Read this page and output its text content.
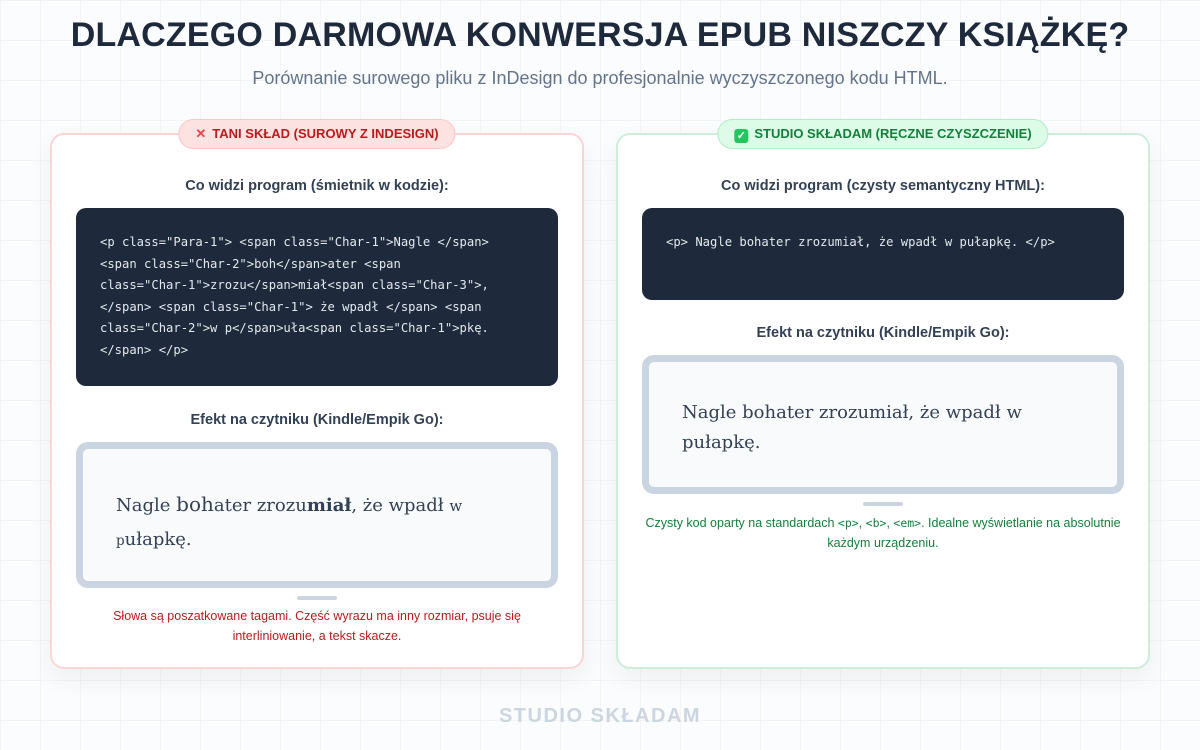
DLACZEGO DARMOWA KONWERSJA EPUB NISZCZY KSIĄŻKĘ?

Porównanie surowego pliku z InDesign do profesjonalnie wyczyszczonego kodu HTML.

✕ TANI SKŁAD (SUROWY Z INDESIGN)
Co widzi program (śmietnik w kodzie):
<p class="Para-1"> <span class="Char-1">Nagle </span>
<span class="Char-2">boh</span>ater <span
class="Char-1">zrozu</span>miał<span class="Char-3">,
</span> <span class="Char-1"> że wpadł </span> <span
class="Char-2">w p</span>uła<span class="Char-1">pkę.
</span> </p>
Efekt na czytniku (Kindle/Empik Go):
Nagle bohater zrozumiał, że wpadł w
pułapkę.

Słowa są poszatkowane tagami. Część wyrazu ma inny rozmiar, psuje się interliniowanie, a tekst skacze.

✓ STUDIO SKŁADAM (RĘCZNE CZYSZCZENIE)
Co widzi program (czysty semantyczny HTML):
<p> Nagle bohater zrozumiał, że wpadł w pułapkę. </p>
Efekt na czytniku (Kindle/Empik Go):
Nagle bohater zrozumiał, że wpadł w pułapkę.

Czysty kod oparty na standardach <p>, <b>, <em>. Idealne wyświetlanie na absolutnie każdym urządzeniu.

STUDIO SKŁADAM
